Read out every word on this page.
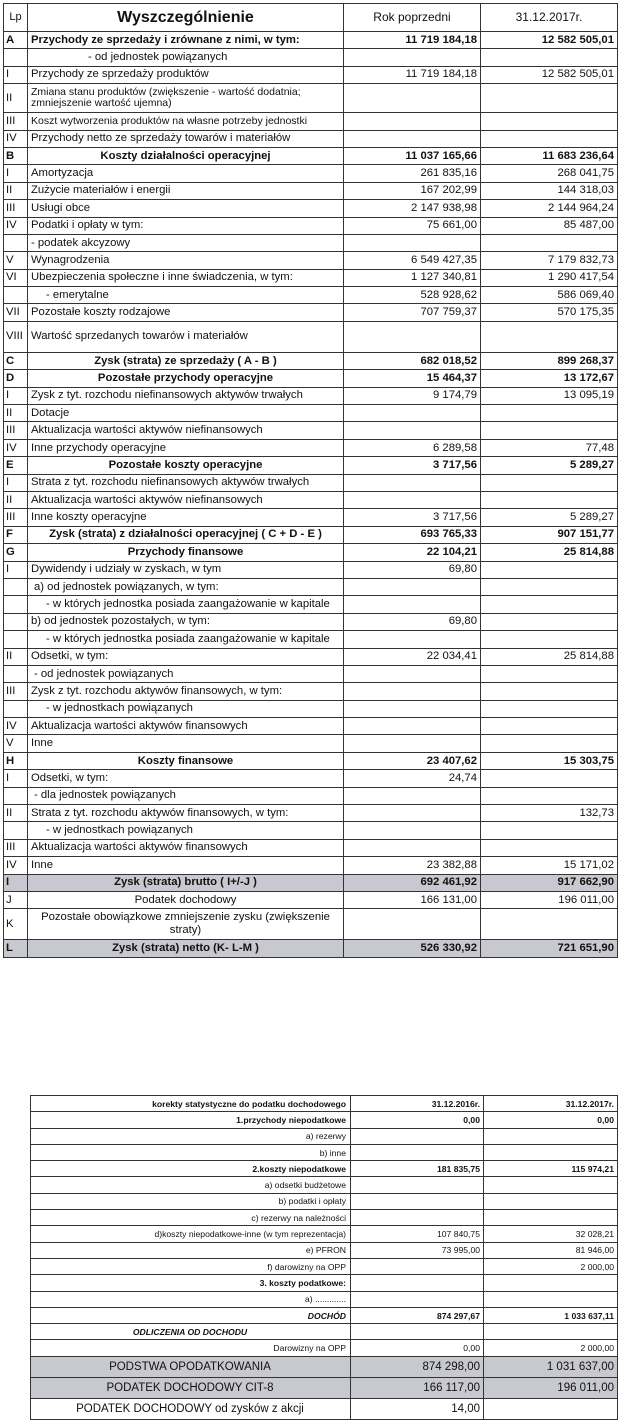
Lp	Wyszczególnienie	Rok poprzedni	31.12.2017r.
A	Przychody ze sprzedaży i zrównane z nimi, w tym:	11 719 184,18	12 582 505,01
	- od jednostek powiązanych		
I	Przychody ze sprzedaży produktów	11 719 184,18	12 582 505,01
II	Zmiana stanu produktów (zwiększenie - wartość dodatnia; zmniejszenie wartość ujemna)		
III	Koszt wytworzenia produktów na własne potrzeby jednostki		
IV	Przychody netto ze sprzedaży towarów i materiałów		
B	Koszty działalności operacyjnej	11 037 165,66	11 683 236,64
I	Amortyzacja	261 835,16	268 041,75
II	Zużycie materiałów i energii	167 202,99	144 318,03
III	Usługi obce	2 147 938,98	2 144 964,24
IV	Podatki i opłaty w tym:	75 661,00	85 487,00
	- podatek akcyzowy		
V	Wynagrodzenia	6 549 427,35	7 179 832,73
VI	Ubezpieczenia społeczne i inne świadczenia, w tym:	1 127 340,81	1 290 417,54
	- emerytalne	528 928,62	586 069,40
VII	Pozostałe koszty rodzajowe	707 759,37	570 175,35
VIII	Wartość sprzedanych towarów i materiałów		
C	Zysk (strata) ze sprzedaży ( A - B )	682 018,52	899 268,37
D	Pozostałe przychody operacyjne	15 464,37	13 172,67
I	Zysk z tyt. rozchodu niefinansowych aktywów trwałych	9 174,79	13 095,19
II	Dotacje		
III	Aktualizacja wartości aktywów niefinansowych		
IV	Inne przychody operacyjne	6 289,58	77,48
E	Pozostałe koszty operacyjne	3 717,56	5 289,27
I	Strata z tyt. rozchodu niefinansowych aktywów trwałych		
II	Aktualizacja wartości aktywów niefinansowych		
III	Inne koszty operacyjne	3 717,56	5 289,27
F	Zysk (strata) z działalności operacyjnej ( C + D - E )	693 765,33	907 151,77
G	Przychody finansowe	22 104,21	25 814,88
I	Dywidendy i udziały w zyskach, w tym	69,80	
	a) od jednostek powiązanych, w tym:		
	- w których jednostka posiada zaangażowanie w kapitale		
	b) od jednostek pozostałych, w tym:	69,80	
	- w których jednostka posiada zaangażowanie w kapitale		
II	Odsetki, w tym:	22 034,41	25 814,88
	- od jednostek powiązanych		
III	Zysk z tyt. rozchodu aktywów finansowych, w tym:		
	- w jednostkach powiązanych		
IV	Aktualizacja wartości aktywów finansowych		
V	Inne		
H	Koszty finansowe	23 407,62	15 303,75
I	Odsetki, w tym:	24,74	
	- dla jednostek powiązanych		
II	Strata z tyt. rozchodu aktywów finansowych, w tym:		132,73
	- w jednostkach powiązanych		
III	Aktualizacja wartości aktywów finansowych		
IV	Inne	23 382,88	15 171,02
I	Zysk (strata) brutto ( I+/-J )	692 461,92	917 662,90
J	Podatek dochodowy	166 131,00	196 011,00
K	Pozostałe obowiązkowe zmniejszenie zysku (zwiększenie straty)		
L	Zysk (strata) netto (K- L-M )	526 330,92	721 651,90
korekty statystyczne do podatku dochodowego	31.12.2016r.	31.12.2017r.
1.przychody niepodatkowe	0,00	0,00
a) rezerwy		
b) inne		
2.koszty niepodatkowe	181 835,75	115 974,21
a) odsetki budżetowe		
b) podatki i opłaty		
c) rezerwy na należności		
d)koszty niepodatkowe-inne (w tym reprezentacja)	107 840,75	32 028,21
e) PFRON	73 995,00	81 946,00
f) darowizny na OPP		2 000,00
3. koszty podatkowe:		
a) .............		
DOCHÓD	874 297,67	1 033 637,11
ODLICZENIA OD DOCHODU		
Darowizny na OPP	0,00	2 000,00
PODSTWA OPODATKOWANIA	874 298,00	1 031 637,00
PODATEK DOCHODOWY CIT-8	166 117,00	196 011,00
PODATEK DOCHODOWY od zysków z akcji	14,00	
